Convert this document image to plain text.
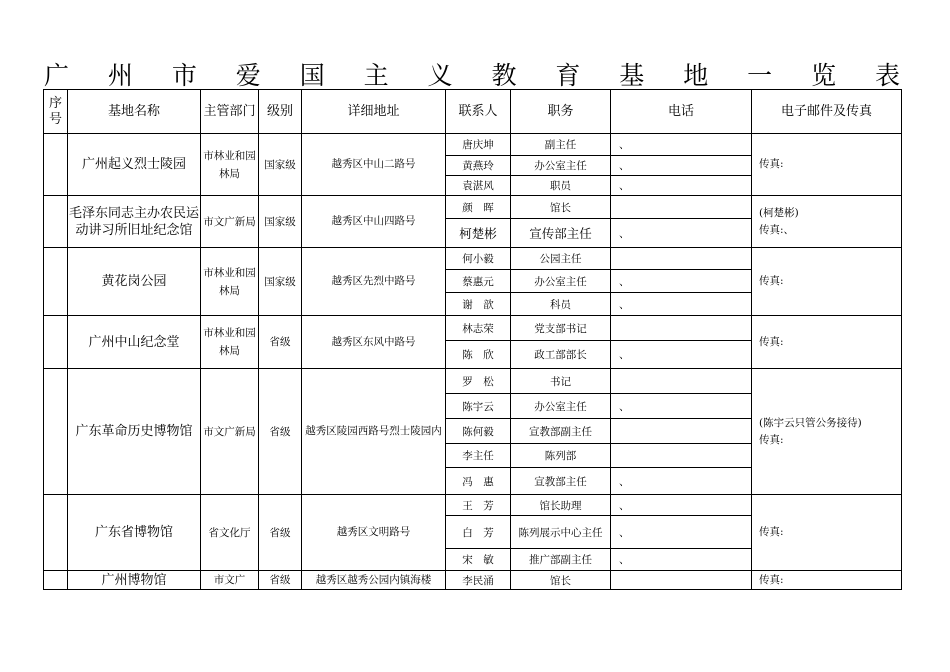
广 州 市 爱 国 主 义 教 育 基 地 一 览 表
序号	基地名称	主管部门	级别	详细地址	联系人	职务	电话	电子邮件及传真
	广州起义烈士陵园	市林业和园林局	国家级	越秀区中山二路号	唐庆坤	副主任	、	传真:

					黄燕玲	办公室主任	、	
					袁湛风	职员	、	
	毛泽东同志主办农民运动讲习所旧址纪念馆	市文广新局	国家级	越秀区中山四路号	颜　晖	馆长		(柯楚彬)
传真:、

					柯楚彬	宣传部主任	、	
	黄花岗公园	市林业和园林局	国家级	越秀区先烈中路号	何小毅	公园主任		传真:

					蔡惠元	办公室主任	、	
					谢　歆	科员	、	
	广州中山纪念堂	市林业和园林局	省级	越秀区东风中路号	林志荣	党支部书记		传真:

					陈　欣	政工部部长	、	
	广东革命历史博物馆	市文广新局	省级	越秀区陵园西路号烈士陵园内	罗　松	书记		(陈宇云只管公务接待)
传真:

					陈宇云	办公室主任	、	
					陈何毅	宣教部副主任		
					李主任	陈列部		
					冯　惠	宣教部主任	、	
	广东省博物馆	省文化厅	省级	越秀区文明路号	王　芳	馆长助理	、	传真:

					白　芳	陈列展示中心主任	、	
					宋　敏	推广部副主任	、	
	广州博物馆	市文广	省级	越秀区越秀公园内镇海楼	李民涌	馆长		传真:
